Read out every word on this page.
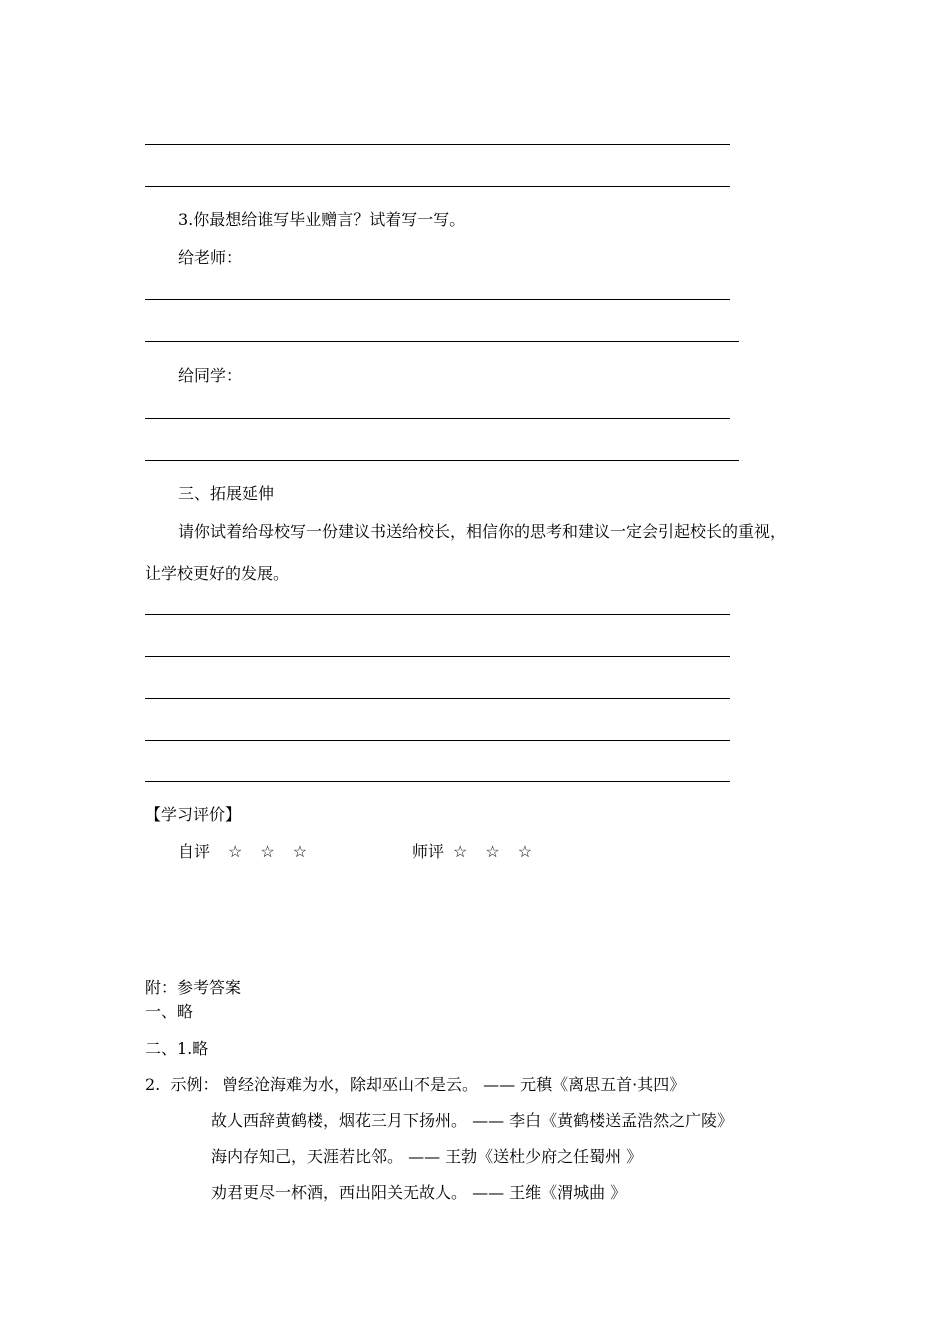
3.你最想给谁写毕业赠言？试着写一写。
给老师：
给同学：
三、拓展延伸
请你试着给母校写一份建议书送给校长，相信你的思考和建议一定会引起校长的重视，
让学校更好的发展。
【学习评价】
自评 ☆　☆　☆	师评 ☆　☆　☆
附：参考答案
一、略
二、1.略
2.  示例： 曾经沧海难为水，除却巫山不是云。 —— 元稹《离思五首·其四》
故人西辞黄鹤楼，烟花三月下扬州。 —— 李白《黄鹤楼送孟浩然之广陵》
海内存知己，天涯若比邻。 —— 王勃《送杜少府之任蜀州 》
劝君更尽一杯酒，西出阳关无故人。 —— 王维《渭城曲 》
